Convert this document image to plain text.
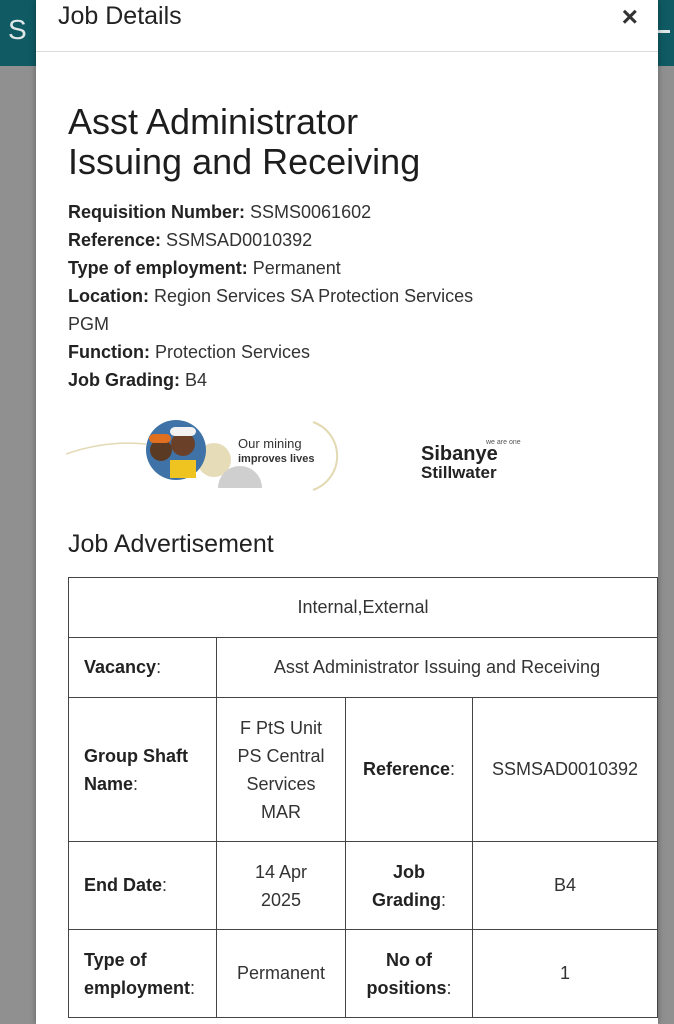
S Job Details	×
Asst Administrator
Issuing and Receiving

Requisition Number: SSMS0061602

Reference: SSMSAD0010392

Type of employment: Permanent

Location: Region Services SA Protection Services PGM

Function: Protection Services

Job Grading: B4

Our mining
improves lives
we are one
Sibanye
Stillwater
Job Advertisement
Internal,External			
Vacancy:	Asst Administrator Issuing and Receiving		
Group Shaft
Name:	F PtS Unit PS Central Services MAR	Reference:	SSMSAD0010392
End Date:	14 Apr 2025	Job
Grading:	B4
Type of
employment:	Permanent	No of
positions:	1
